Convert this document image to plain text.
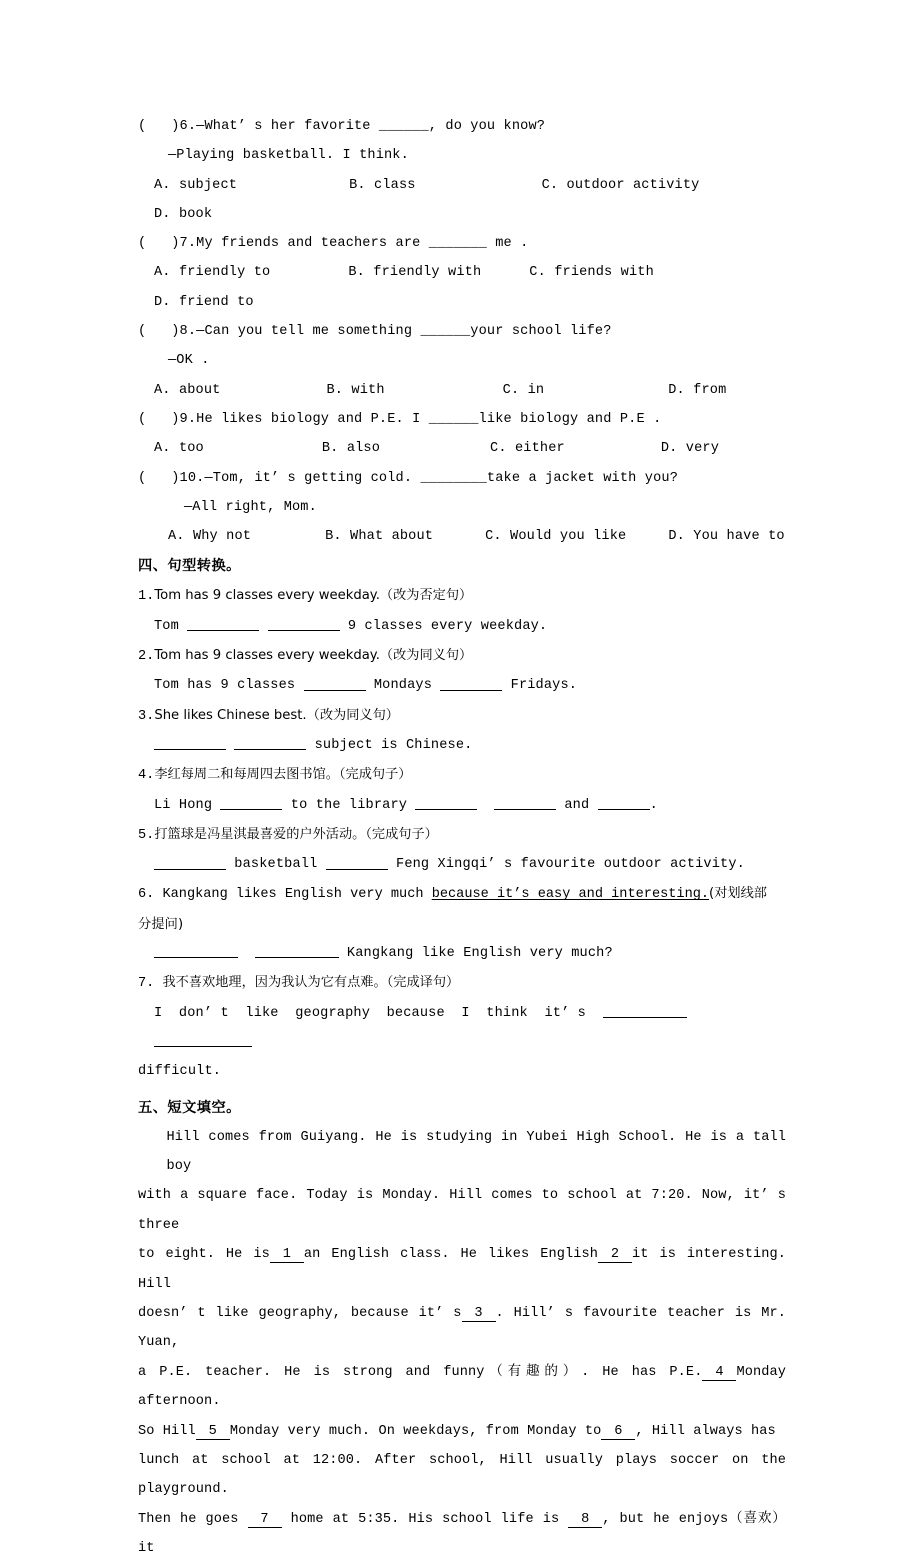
(   )6.—What’ s her favorite ______, do you know?
—Playing basketball. I think.
A. subject	B. class	C. outdoor activityD. book
(   )7.My friends and teachers are _______ me .
A. friendly to	B. friendly with	C. friends withD. friend to
(   )8.—Can you tell me something ______your school life?
—OK .
A. about	B. with	C. in	D. from
(   )9.He likes biology and P.E. I ______like biology and P.E .
A. too	B. also	C. either	D. very
(   )10.—Tom, it’ s getting cold. ________take a jacket with you?
—All right, Mom.
A. Why not	B. What about	C. Would you like	D. You have to
四、句型转换。
1.Tom has 9 classes every weekday.（改为否定句）
Tom	9 classes every weekday.
2.Tom has 9 classes every weekday.（改为同义句）
Tom has 9 classes	Mondays	Fridays.
3.She likes Chinese best.（改为同义句）
subject is Chinese.
4.李红每周二和每周四去图书馆。（完成句子）
Li Hong	to the library	and	.
5.打篮球是冯星淇最喜爱的户外活动。（完成句子）
basketball	Feng Xingqi’ s favourite outdoor activity.
6. Kangkang likes English very much because it’s easy and interesting.(对划线部
分提问)
Kangkang like English very much?
7. 我不喜欢地理，因为我认为它有点难。（完成译句）
I  don’ t  like  geography  because  I  think  it’ s
difficult.
五、短文填空。
Hill comes from Guiyang. He is studying in Yubei High School. He is a tall boy
with a square face. Today is Monday. Hill comes to school at 7:20. Now, it’ s three
to eight. He is 1 an English class. He likes English 2 it is interesting. Hill
doesn’ t like geography, because it’ s 3 . Hill’ s favourite teacher is Mr. Yuan,
a P.E. teacher. He is strong and funny（有趣的）. He has P.E. 4 Monday afternoon.
So Hill 5 Monday very much. On weekdays, from Monday to 6 , Hill always has
lunch at school at 12:00. After school, Hill usually plays soccer on the playground.
Then he goes 7 home at 5:35. His school life is 8 , but he enjoys（喜欢）it
